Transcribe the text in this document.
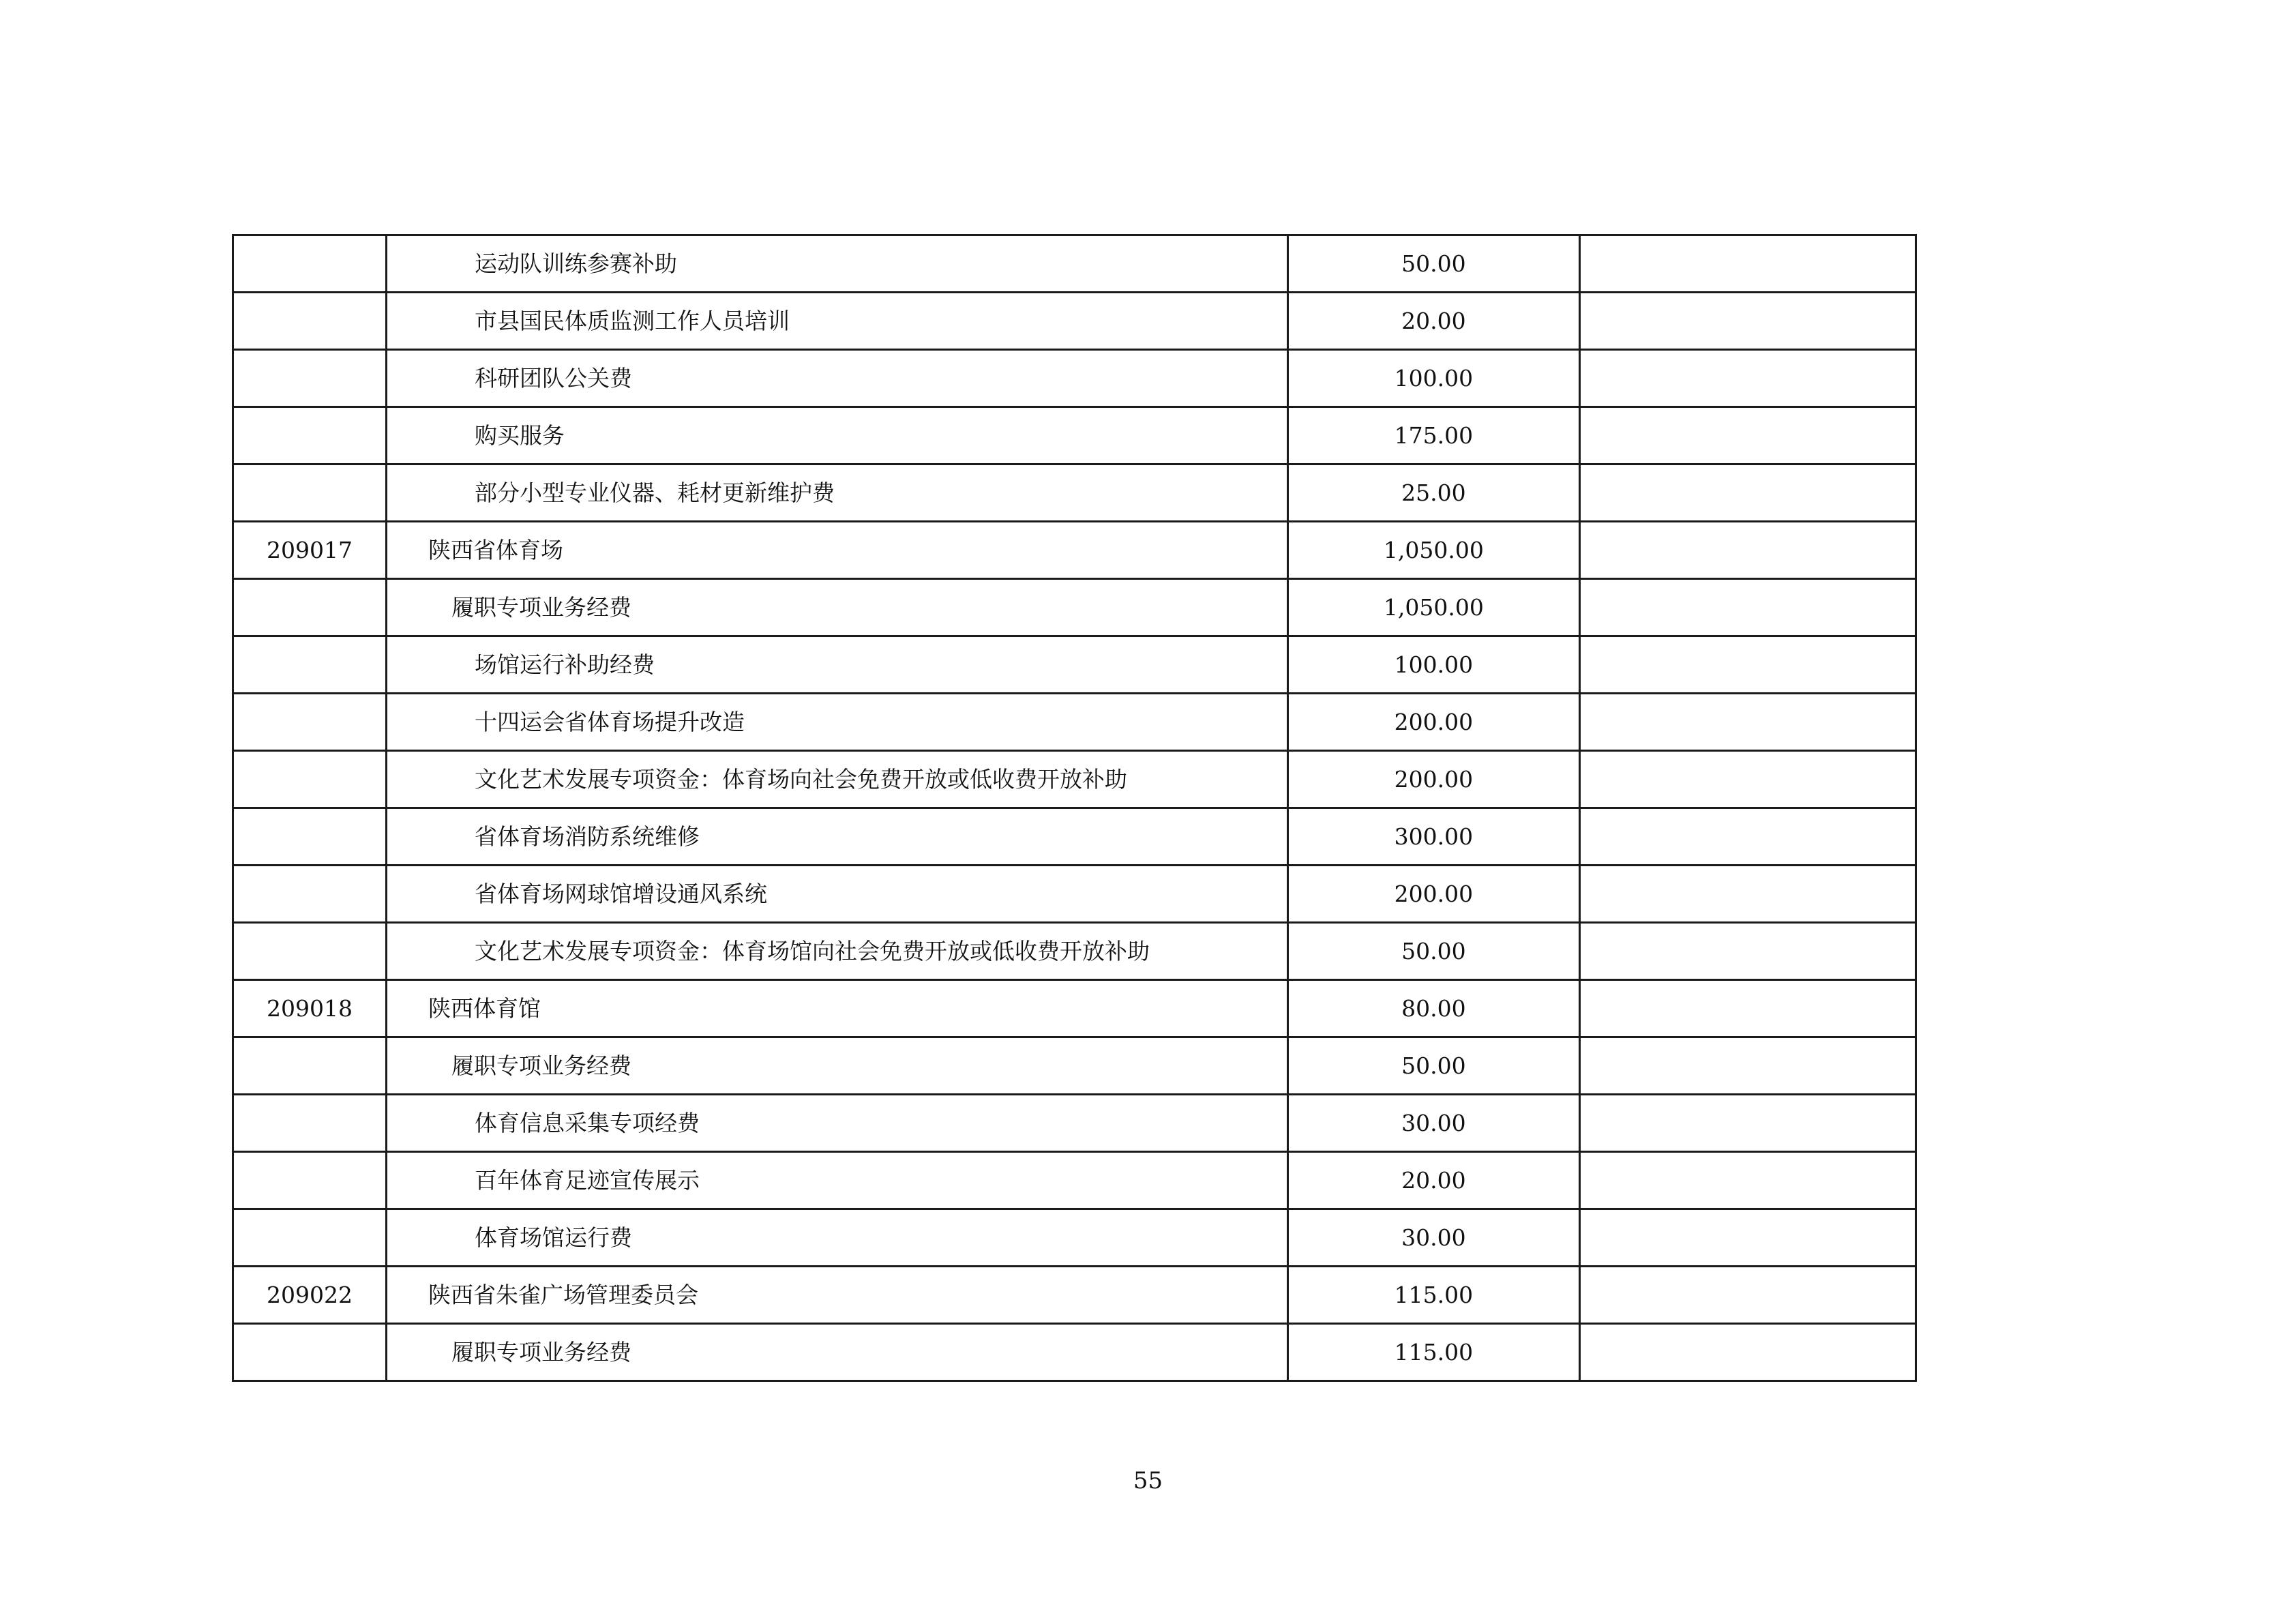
	运动队训练参赛补助	50.00	
	市县国民体质监测工作人员培训	20.00	
	科研团队公关费	100.00	
	购买服务	175.00	
	部分小型专业仪器、耗材更新维护费	25.00	
209017	陕西省体育场	1,050.00	
	履职专项业务经费	1,050.00	
	场馆运行补助经费	100.00	
	十四运会省体育场提升改造	200.00	
	文化艺术发展专项资金：体育场向社会免费开放或低收费开放补助	200.00	
	省体育场消防系统维修	300.00	
	省体育场网球馆增设通风系统	200.00	
	文化艺术发展专项资金：体育场馆向社会免费开放或低收费开放补助	50.00	
209018	陕西体育馆	80.00	
	履职专项业务经费	50.00	
	体育信息采集专项经费	30.00	
	百年体育足迹宣传展示	20.00	
	体育场馆运行费	30.00	
209022	陕西省朱雀广场管理委员会	115.00	
	履职专项业务经费	115.00	
55
